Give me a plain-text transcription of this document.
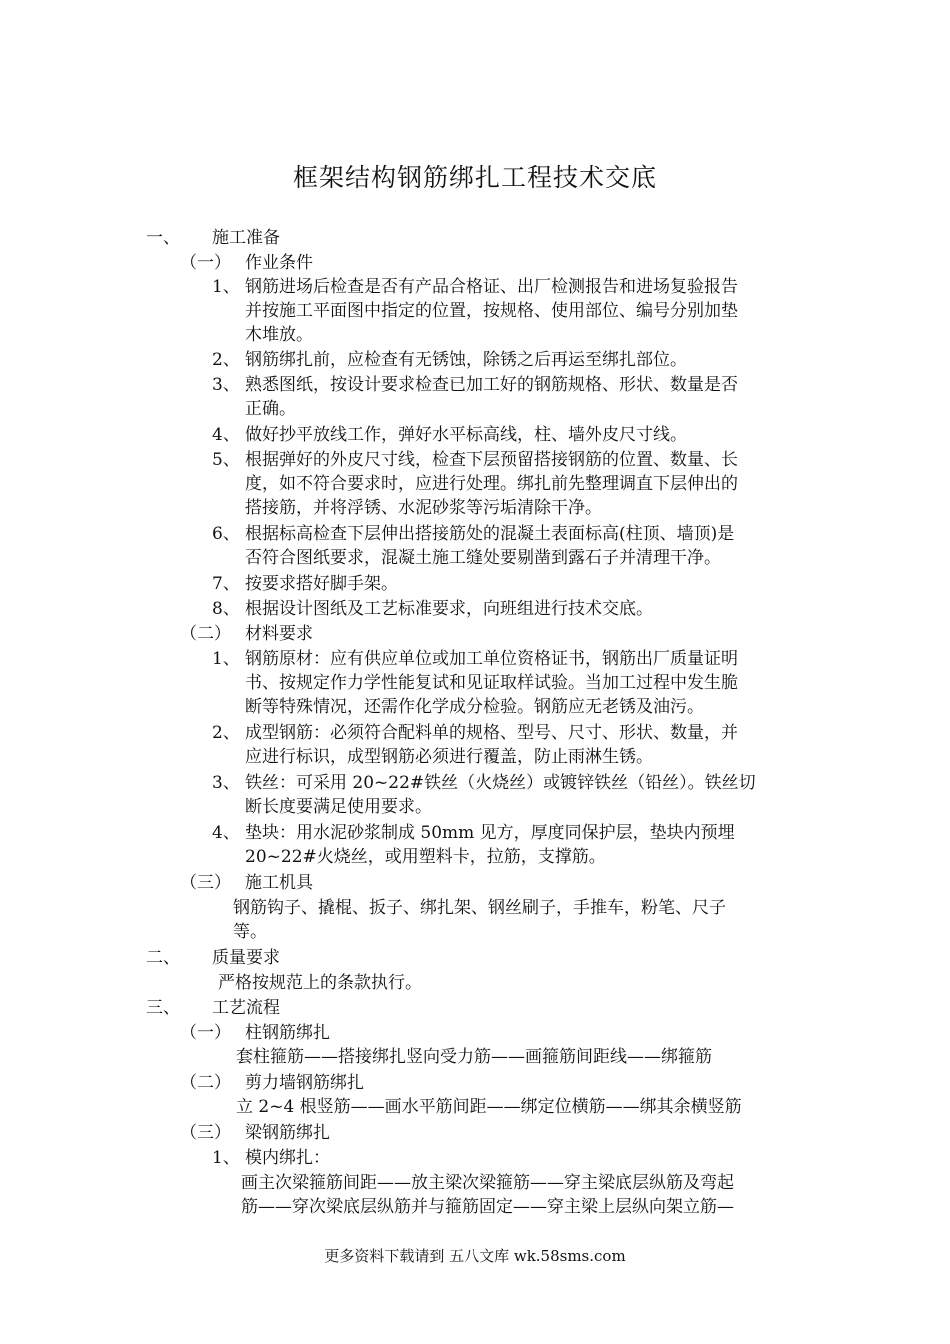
框架结构钢筋绑扎工程技术交底
一、 施工准备
（一） 作业条件
1、 钢筋进场后检查是否有产品合格证、出厂检测报告和进场复验报告
并按施工平面图中指定的位置，按规格、使用部位、编号分别加垫
木堆放。
2、 钢筋绑扎前，应检查有无锈蚀，除锈之后再运至绑扎部位。
3、 熟悉图纸，按设计要求检查已加工好的钢筋规格、形状、数量是否
正确。
4、 做好抄平放线工作，弹好水平标高线，柱、墙外皮尺寸线。
5、 根据弹好的外皮尺寸线，检查下层预留搭接钢筋的位置、数量、长
度，如不符合要求时，应进行处理。绑扎前先整理调直下层伸出的
搭接筋，并将浮锈、水泥砂浆等污垢清除干净。
6、 根据标高检查下层伸出搭接筋处的混凝土表面标高(柱顶、墙顶)是
否符合图纸要求，混凝土施工缝处要剔凿到露石子并清理干净。
7、 按要求搭好脚手架。
8、 根据设计图纸及工艺标准要求，向班组进行技术交底。
（二） 材料要求
1、 钢筋原材：应有供应单位或加工单位资格证书，钢筋出厂质量证明
书、按规定作力学性能复试和见证取样试验。当加工过程中发生脆
断等特殊情况，还需作化学成分检验。钢筋应无老锈及油污。
2、 成型钢筋：必须符合配料单的规格、型号、尺寸、形状、数量，并
应进行标识，成型钢筋必须进行覆盖，防止雨淋生锈。
3、 铁丝：可采用 20~22#铁丝（火烧丝）或镀锌铁丝（铅丝）。铁丝切
断长度要满足使用要求。
4、 垫块：用水泥砂浆制成 50mm 见方，厚度同保护层，垫块内预埋
20~22#火烧丝，或用塑料卡，拉筋，支撑筋。
（三） 施工机具
钢筋钩子、撬棍、扳子、绑扎架、钢丝刷子，手推车，粉笔、尺子
等。
二、 质量要求
严格按规范上的条款执行。
三、 工艺流程
（一） 柱钢筋绑扎
套柱箍筋——搭接绑扎竖向受力筋——画箍筋间距线——绑箍筋
（二） 剪力墙钢筋绑扎
立 2~4 根竖筋——画水平筋间距——绑定位横筋——绑其余横竖筋
（三） 梁钢筋绑扎
1、 模内绑扎：
画主次梁箍筋间距——放主梁次梁箍筋——穿主梁底层纵筋及弯起
筋——穿次梁底层纵筋并与箍筋固定——穿主梁上层纵向架立筋—
更多资料下载请到 五八文库 wk.58sms.com
